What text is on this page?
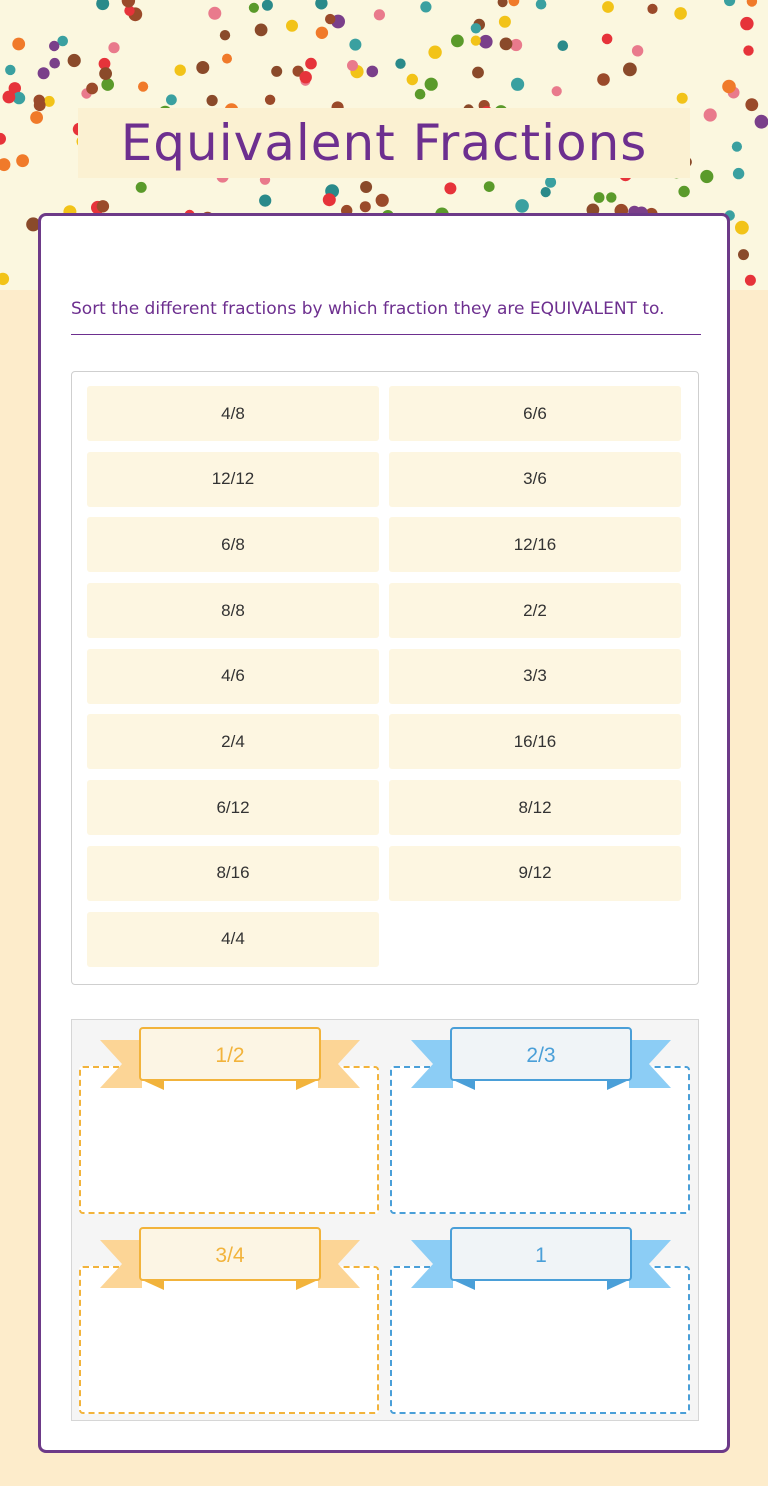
Equivalent Fractions

Sort the different fractions by which fraction they are EQUIVALENT to.

4/8	6/6
12/12	3/6
6/8	12/16
8/8	2/2
4/6	3/3
2/4	16/16
6/12	8/12
8/16	9/12
4/4
1/2	2/3
3/4	1
